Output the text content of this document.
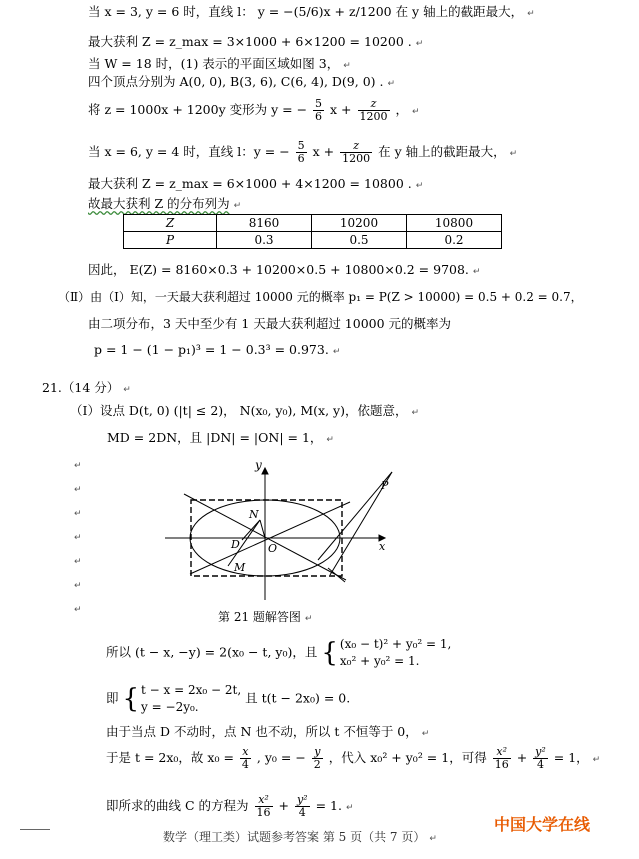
当 x = 3, y = 6 时，直线 l： y = −(5/6)x + z/1200 在 y 轴上的截距最大， ↵
最大获利 Z = z_max = 3×1000 + 6×1200 = 10200 . ↵
当 W = 18 时，(1) 表示的平面区域如图 3， ↵
四个顶点分别为 A(0, 0), B(3, 6), C(6, 4), D(9, 0) . ↵
将 z = 1000x + 1200y 变形为 y = − $\frac{5}{6}$ $x + \frac{z}{1200}$ ， ↵
当 x = 6, y = 4 时，直线 l：y = − $\frac{5}{6}$ $x + \frac{z}{1200}$ 在 y 轴上的截距最大， ↵
最大获利 Z = z_max = 6×1000 + 4×1200 = 10800 . ↵
故最大获利 Z 的分布列为 ↵
Z	8160	10200	10800
P	0.3	0.5	0.2
因此， E(Z) = 8160×0.3 + 10200×0.5 + 10800×0.2 = 9708. ↵
（Ⅱ）由（Ⅰ）知，一天最大获利超过 10000 元的概率 p₁ = P(Z > 10000) = 0.5 + 0.2 = 0.7，
由二项分布，3 天中至少有 1 天最大获利超过 10000 元的概率为
p = 1 − (1 − p₁)³ = 1 − 0.3³ = 0.973. ↵
21.（14 分） ↵
（Ⅰ）设点 D(t, 0) (|t| ≤ 2)， N(x₀, y₀), M(x, y)，依题意， ↵
MD = 2DN，且 |DN| = |ON| = 1， ↵
y
x
N
D	O
M
P
↵
↵
↵
↵
↵
↵
↵	第 21 题解答图 ↵
所以 (t − x, −y) = 2(x₀ − t, y₀)，且 { (x₀ − t)² + y₀² = 1,
x₀² + y₀² = 1.
即 { t − x = 2x₀ − 2t,
y = −2y₀.
且 t(t − 2x₀) = 0.
由于当点 D 不动时，点 N 也不动，所以 t 不恒等于 0， ↵
于是 t = 2x₀，故 $x_0 = \frac{x}{4}$ , y₀ = − $\frac{y}{2}$ ，代入 x₀² + y₀² = 1，可得 $\frac{\text{x²}}{16} + \frac{\text{y²}}{4} = 1$， ↵
即所求的曲线 C 的方程为 $\frac{\text{x²}}{16} + \frac{\text{y²}}{4} = 1$. ↵
数学（理工类）试题参考答案 第 5 页（共 7 页） ↵
中国大学在线
